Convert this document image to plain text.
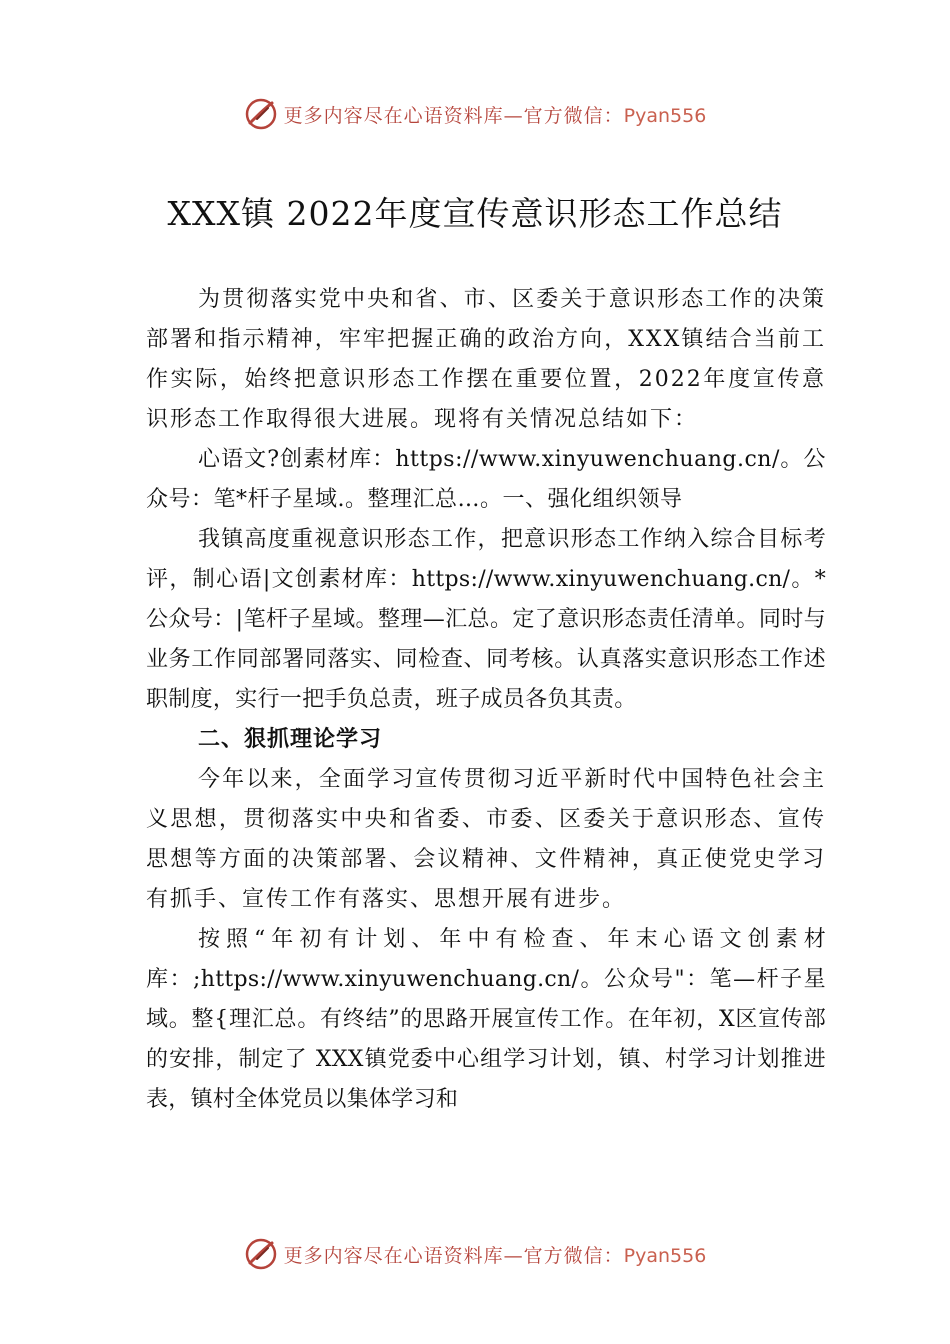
更多内容尽在心语资料库—官方微信：Pyan556
XXX镇 2022年度宣传意识形态工作总结

为贯彻落实党中央和省、市、区委关于意识形态工作的决策部署和指示精神，牢牢把握正确的政治方向，XXX镇结合当前工作实际，始终把意识形态工作摆在重要位置，2022年度宣传意识形态工作取得很大进展。现将有关情况总结如下：

心语文?创素材库：https://www.xinyuwenchuang.cn/。公众号：笔*杆子星域.。整理汇总…。一、强化组织领导

我镇高度重视意识形态工作，把意识形态工作纳入综合目标考评，制心语|文创素材库：https://www.xinyuwenchuang.cn/。*公众号：|笔杆子星域。整理—汇总。定了意识形态责任清单。同时与业务工作同部署同落实、同检查、同考核。认真落实意识形态工作述职制度，实行一把手负总责，班子成员各负其责。

二、狠抓理论学习

今年以来，全面学习宣传贯彻习近平新时代中国特色社会主义思想，贯彻落实中央和省委、市委、区委关于意识形态、宣传思想等方面的决策部署、会议精神、文件精神，真正使党史学习有抓手、宣传工作有落实、思想开展有进步。

按照“年初有计划、年中有检查、年末心语文创素材库：;https://www.xinyuwenchuang.cn/。公众号"：笔—杆子星域。整{理汇总。有终结”的思路开展宣传工作。在年初，X区宣传部的安排，制定了 XXX镇党委中心组学习计划，镇、村学习计划推进表，镇村全体党员以集体学习和

更多内容尽在心语资料库—官方微信：Pyan556
